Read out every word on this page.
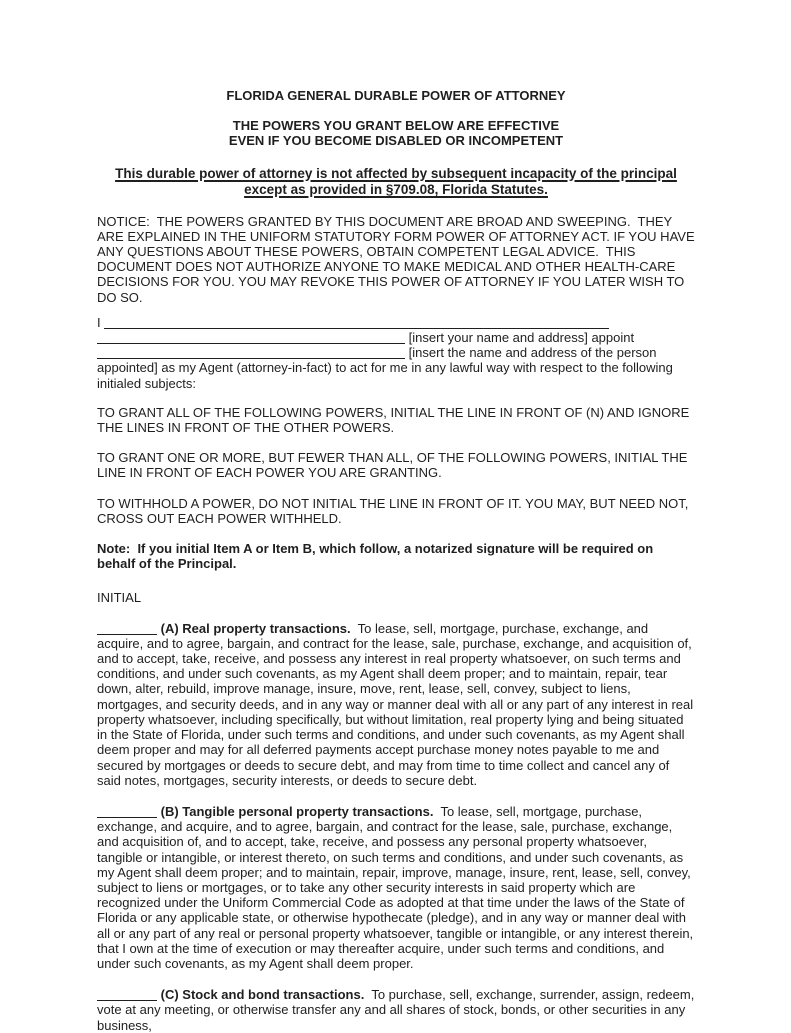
FLORIDA GENERAL DURABLE POWER OF ATTORNEY
THE POWERS YOU GRANT BELOW ARE EFFECTIVE
EVEN IF YOU BECOME DISABLED OR INCOMPETENT
This durable power of attorney is not affected by subsequent incapacity of the principal except as provided in §709.08, Florida Statutes.

NOTICE:  THE POWERS GRANTED BY THIS DOCUMENT ARE BROAD AND SWEEPING.  THEY ARE EXPLAINED IN THE UNIFORM STATUTORY FORM POWER OF ATTORNEY ACT. IF YOU HAVE ANY QUESTIONS ABOUT THESE POWERS, OBTAIN COMPETENT LEGAL ADVICE.  THIS DOCUMENT DOES NOT AUTHORIZE ANYONE TO MAKE MEDICAL AND OTHER HEALTH-CARE DECISIONS FOR YOU. YOU MAY REVOKE THIS POWER OF ATTORNEY IF YOU LATER WISH TO DO SO.

I
[insert your name and address] appoint
[insert the name and address of the person
appointed] as my Agent (attorney-in-fact) to act for me in any lawful way with respect to the following initialed subjects:

TO GRANT ALL OF THE FOLLOWING POWERS, INITIAL THE LINE IN FRONT OF (N) AND IGNORE THE LINES IN FRONT OF THE OTHER POWERS.

TO GRANT ONE OR MORE, BUT FEWER THAN ALL, OF THE FOLLOWING POWERS, INITIAL THE LINE IN FRONT OF EACH POWER YOU ARE GRANTING.

TO WITHHOLD A POWER, DO NOT INITIAL THE LINE IN FRONT OF IT. YOU MAY, BUT NEED NOT, CROSS OUT EACH POWER WITHHELD.

Note:  If you initial Item A or Item B, which follow, a notarized signature will be required on behalf of the Principal.

INITIAL

(A) Real property transactions. To lease, sell, mortgage, purchase, exchange, and acquire, and to agree, bargain, and contract for the lease, sale, purchase, exchange, and acquisition of, and to accept, take, receive, and possess any interest in real property whatsoever, on such terms and conditions, and under such covenants, as my Agent shall deem proper; and to maintain, repair, tear down, alter, rebuild, improve manage, insure, move, rent, lease, sell, convey, subject to liens, mortgages, and security deeds, and in any way or manner deal with all or any part of any interest in real property whatsoever, including specifically, but without limitation, real property lying and being situated in the State of Florida, under such terms and conditions, and under such covenants, as my Agent shall deem proper and may for all deferred payments accept purchase money notes payable to me and secured by mortgages or deeds to secure debt, and may from time to time collect and cancel any of said notes, mortgages, security interests, or deeds to secure debt.

(B) Tangible personal property transactions. To lease, sell, mortgage, purchase, exchange, and acquire, and to agree, bargain, and contract for the lease, sale, purchase, exchange, and acquisition of, and to accept, take, receive, and possess any personal property whatsoever, tangible or intangible, or interest thereto, on such terms and conditions, and under such covenants, as my Agent shall deem proper; and to maintain, repair, improve, manage, insure, rent, lease, sell, convey, subject to liens or mortgages, or to take any other security interests in said property which are recognized under the Uniform Commercial Code as adopted at that time under the laws of the State of Florida or any applicable state, or otherwise hypothecate (pledge), and in any way or manner deal with all or any part of any real or personal property whatsoever, tangible or intangible, or any interest therein, that I own at the time of execution or may thereafter acquire, under such terms and conditions, and under such covenants, as my Agent shall deem proper.

(C) Stock and bond transactions. To purchase, sell, exchange, surrender, assign, redeem, vote at any meeting, or otherwise transfer any and all shares of stock, bonds, or other securities in any business,
